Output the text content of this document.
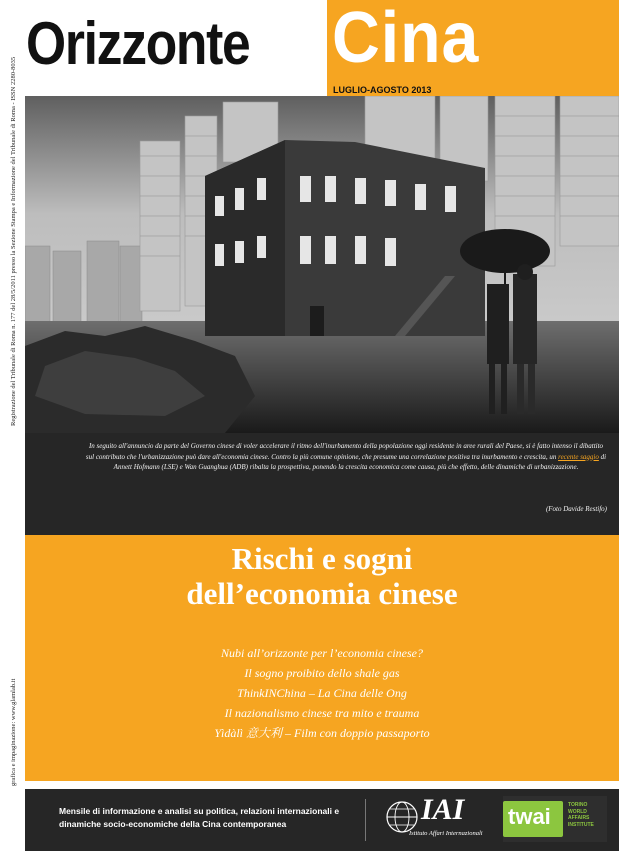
Orizzonte Cina
LUGLIO-AGOSTO 2013
Registrazione del Tribunale di Roma n. 177 del 28/5/2011 presso la Sezione Stampa e Informazione del Tribunale di Roma - ISSN 2280-8035
grafica e impaginazione: www.glamlab.it

In seguito all'annuncio da parte del Governo cinese di voler accelerare il ritmo dell'inurbamento della popolazione oggi residente in aree rurali del Paese, si è fatto intenso il dibattito sul contributo che l'urbanizzazione può dare all'economia cinese. Contro la più comune opinione, che presume una correlazione positiva tra inurbamento e crescita, un recente saggio di Annett Hofmann (LSE) e Wan Guanghua (ADB) ribalta la prospettiva, ponendo la crescita economica come causa, più che effetto, delle dinamiche di urbanizzazione.

(Foto Davide Restifo)
Rischi e sogni
dell’economia cinese
Nubi all’orizzonte per l’economia cinese?
Il sogno proibito dello shale gas
ThinkINChina – La Cina delle Ong
Il nazionalismo cinese tra mito e trauma
Yìdàlì 意大利 – Film con doppio passaporto
Mensile di informazione e analisi su politica, relazioni internazionali e
dinamiche socio-economiche della Cina contemporanea	IAI
Istituto Affari Internazionali
twai	TORINO WORLD AFFAIRS INSTITUTE
